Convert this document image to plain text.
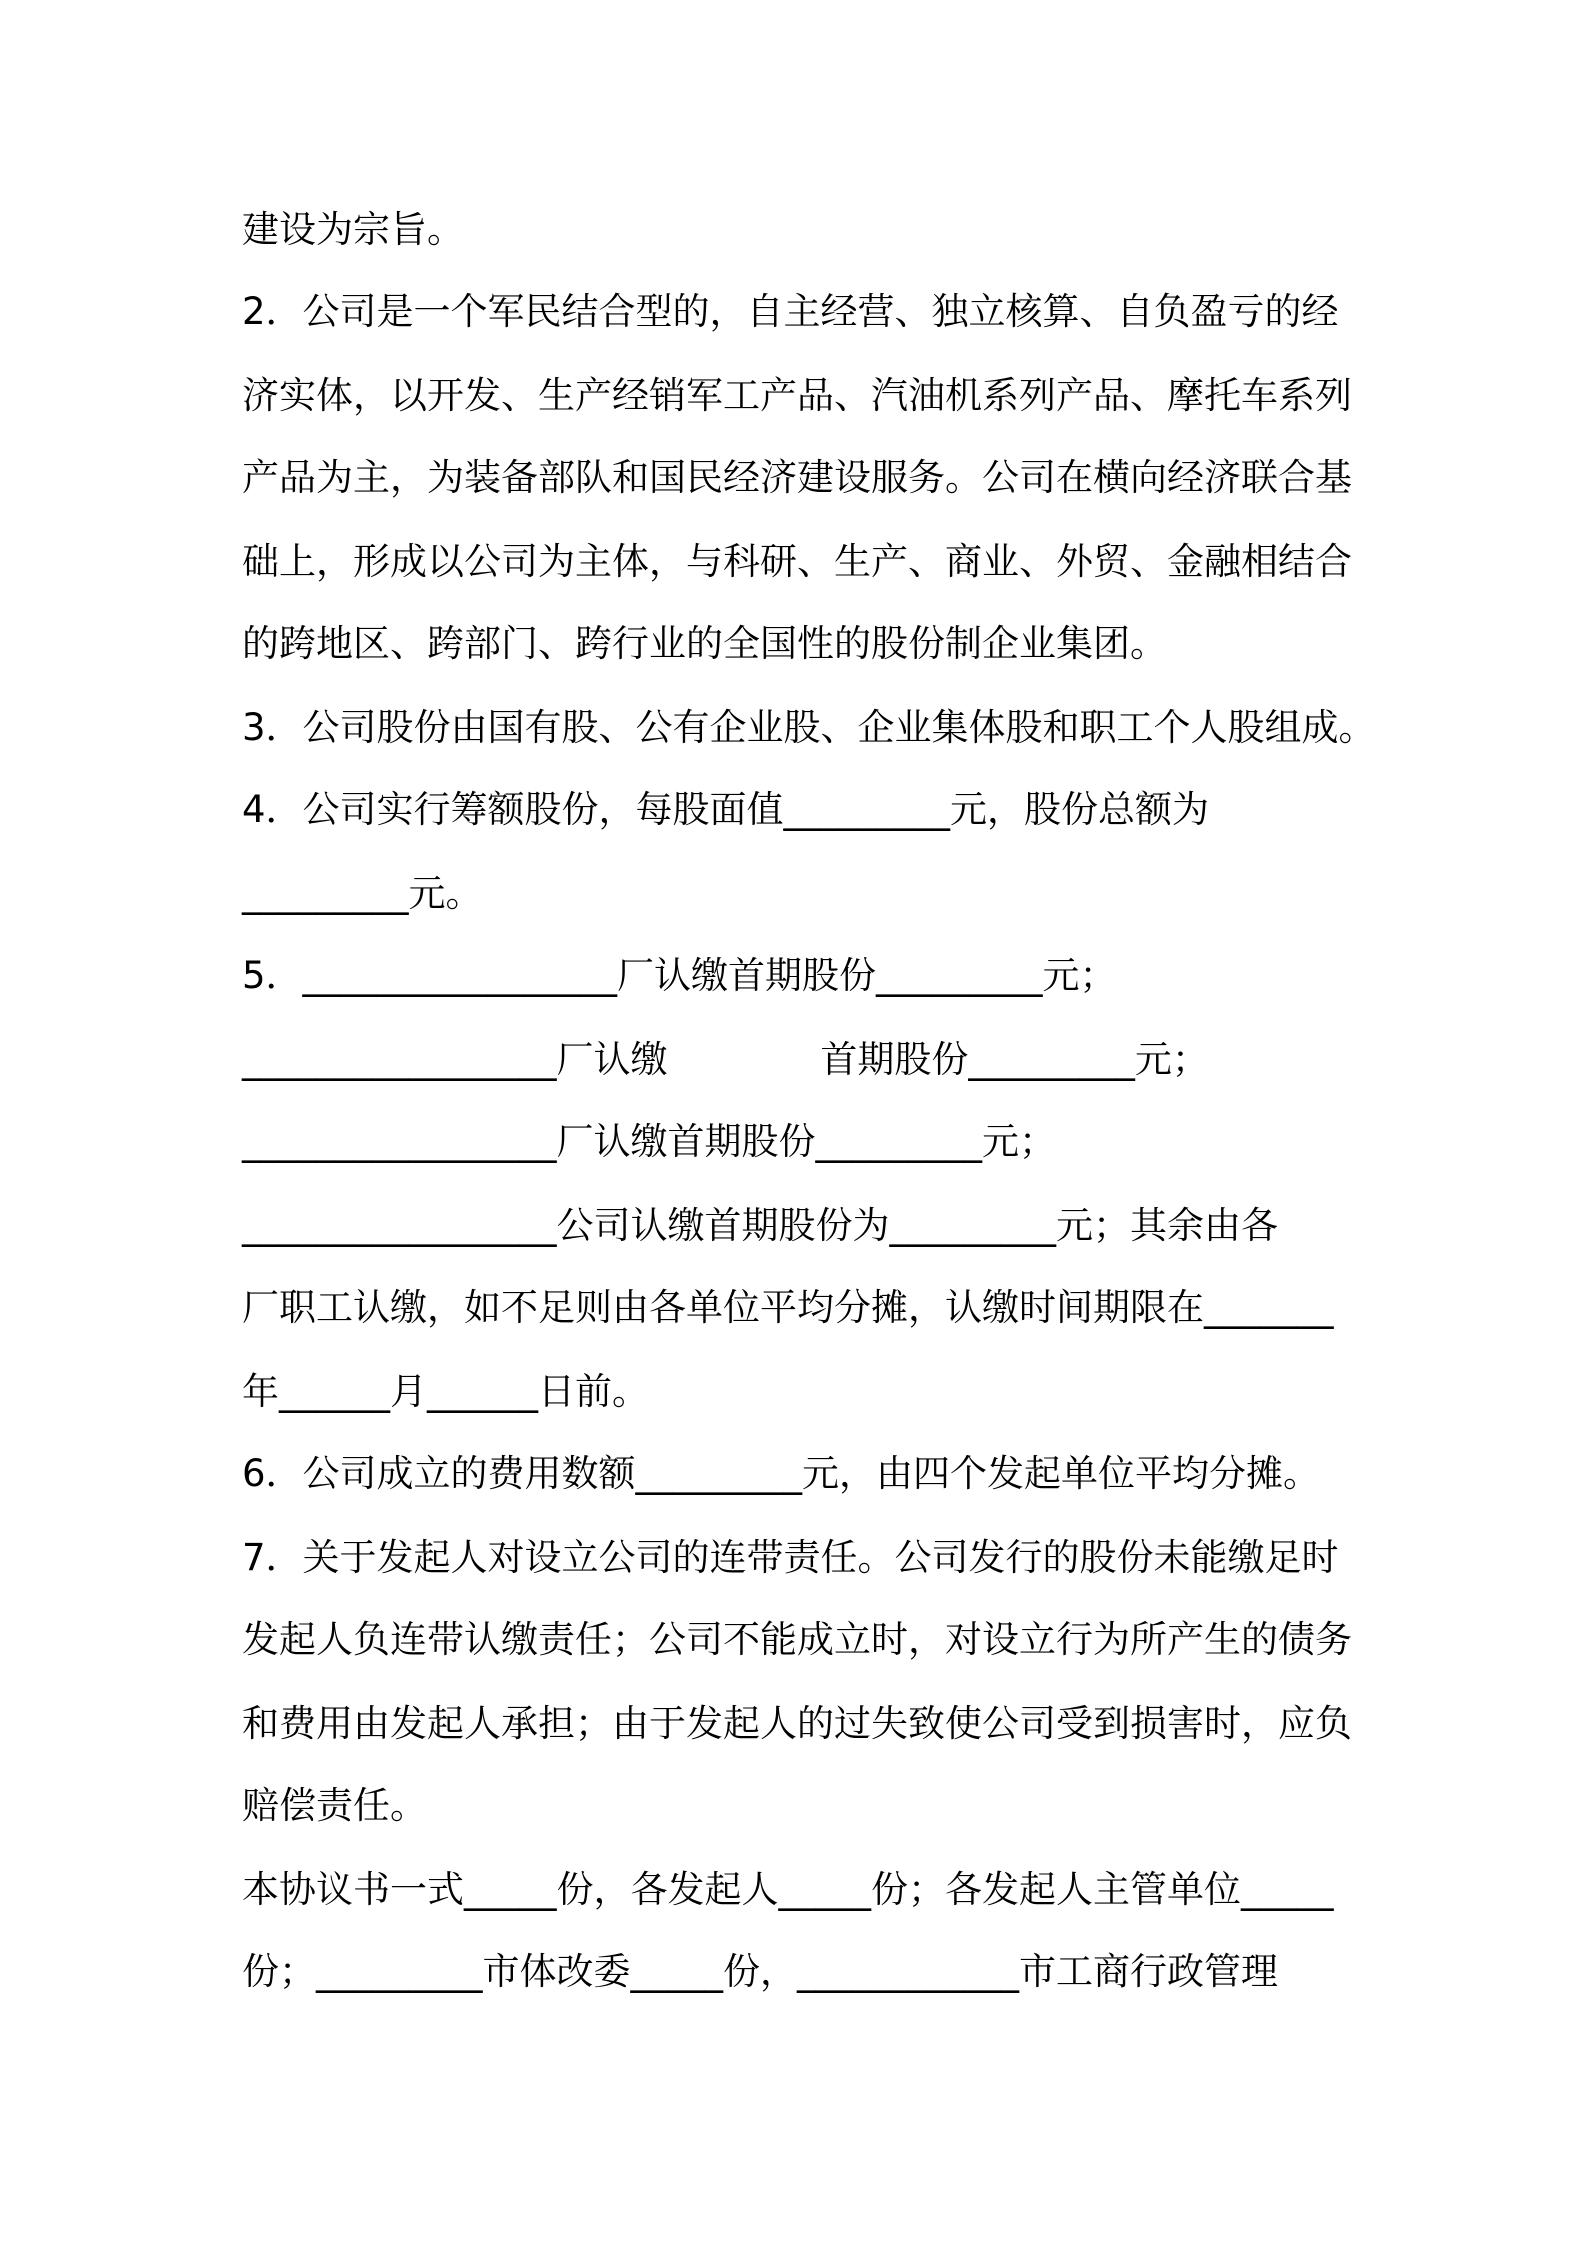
建设为宗旨。
2．公司是一个军民结合型的，自主经营、独立核算、自负盈亏的经
济实体，以开发、生产经销军工产品、汽油机系列产品、摩托车系列
产品为主，为装备部队和国民经济建设服务。公司在横向经济联合基
础上，形成以公司为主体，与科研、生产、商业、外贸、金融相结合
的跨地区、跨部门、跨行业的全国性的股份制企业集团。
3．公司股份由国有股、公有企业股、企业集体股和职工个人股组成。
4．公司实行筹额股份，每股面值_________元，股份总额为
_________元。
5．_________________厂认缴首期股份_________元；
_________________厂认缴             首期股份_________元；
_________________厂认缴首期股份_________元；
_________________公司认缴首期股份为_________元；其余由各
厂职工认缴，如不足则由各单位平均分摊，认缴时间期限在_______
年______月______日前。
6．公司成立的费用数额_________元，由四个发起单位平均分摊。
7．关于发起人对设立公司的连带责任。公司发行的股份未能缴足时
发起人负连带认缴责任；公司不能成立时，对设立行为所产生的债务
和费用由发起人承担；由于发起人的过失致使公司受到损害时，应负
赔偿责任。
本协议书一式_____份，各发起人_____份；各发起人主管单位_____
份；_________市体改委_____份，____________市工商行政管理
